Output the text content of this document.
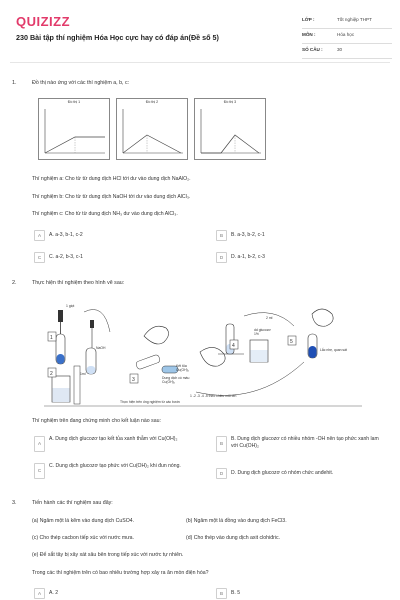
QUIZIZZ
230 Bài tập thí nghiệm Hóa Học cực hay có đáp án(Đề số 5)
LỚP :	Tốt nghiệp THPT
MÔN :	Hóa học
SỐ CÂU :	30
1.	Đồ thị nào ứng với các thí nghiệm a, b, c:
Đồ thị 1	Đồ thị 2	Đồ thị 3
Thí nghiệm a: Cho từ từ dung dịch HCl tới dư vào dung dịch NaAlO₂.
Thí nghiệm b: Cho từ từ dung dịch NaOH tới dư vào dung dịch AlCl₃.
Thí nghiệm c: Cho từ từ dung dịch NH₃ dư vào dung dịch AlCl₃.
A	A. a-3, b-1, c-2	B	B. a-3, b-2, c-1
C	C. a-2, b-3, c-1	D	D. a-1, b-2, c-3
2.	Thực hiện thí nghiệm theo hình vẽ sau:
4
5
1
2
3
1 giọt
NaOH
1ml
2 ml
dd glucozơ 1%
Lắc nhẹ, quan sát
Kết tủa Cu(OH)₂
Dung dịch có màu Cu(OH)₂
1 -2 -3 -4 -5 theo chiều mũi tên
Thực hiện trên ống nghiệm từ các bước
Thí nghiệm trên đang chứng minh cho kết luận nào sau:
A
A. Dung dịch glucozơ tạo kết tủa xanh thẫm với Cu(OH)₂
B
B. Dung dịch glucozơ có nhiều nhóm -OH nên tạo phức xanh lam với Cu(OH)₂
C
C. Dung dịch glucozơ tạo phức với Cu(OH)₂ khi đun nóng.
D	D. Dung dịch glucozơ có nhóm chức anđehit.
3.	Tiến hành các thí nghiệm sau đây:
(a) Ngâm một lá kẽm vào dung dịch CuSO4.	(b) Ngâm một lá đồng vào dung dịch FeCl3.
(c) Cho thép cacbon tiếp xúc với nước mưa.	(d) Cho thép vào dung dịch axit clohiđric.
(e) Để sắt tây bị xây xát sâu bên trong tiếp xúc với nước tự nhiên.
Trong các thí nghiệm trên có bao nhiêu trường hợp xảy ra ăn mòn điện hóa?
A	A. 2	B	B. 5
